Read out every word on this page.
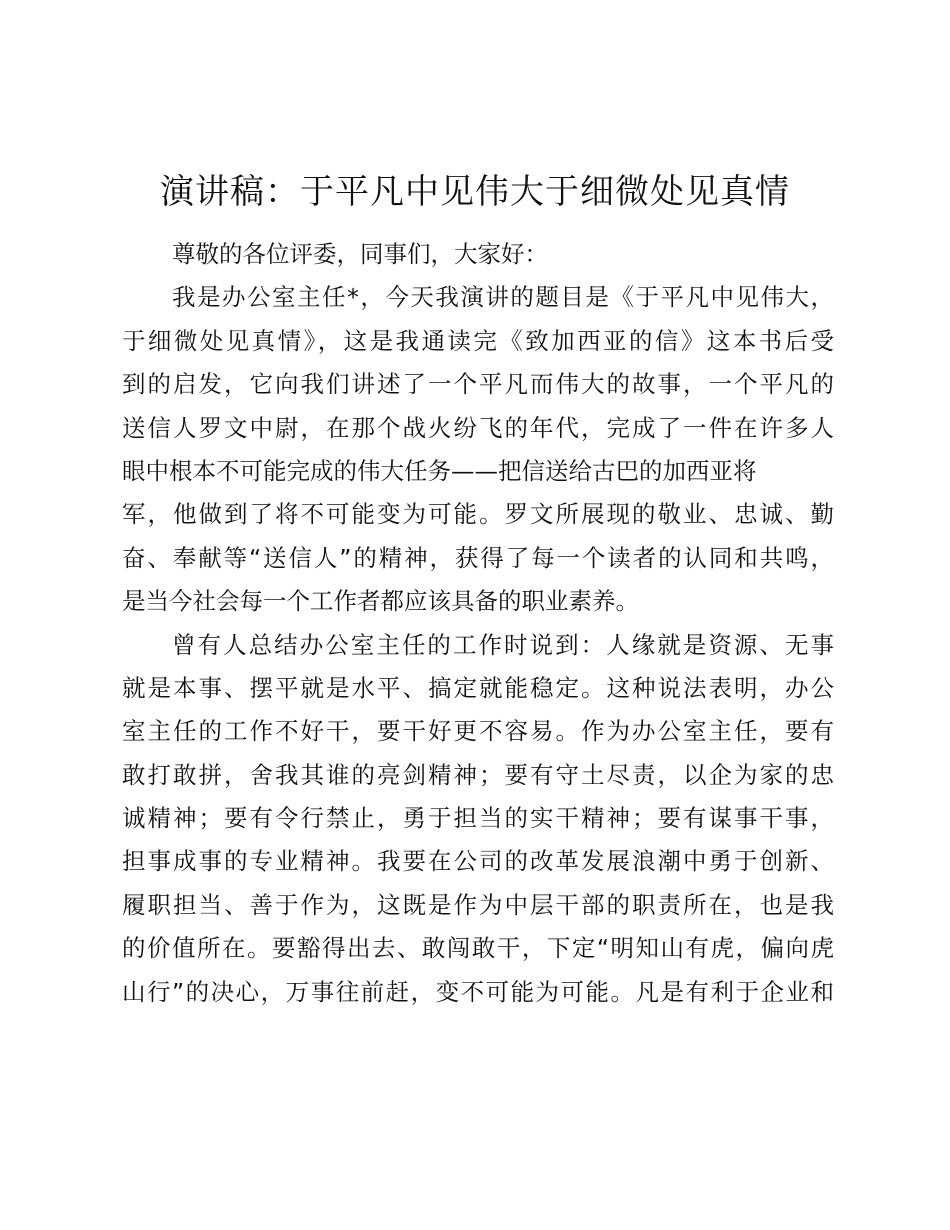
演讲稿：于平凡中见伟大于细微处见真情
尊敬的各位评委，同事们，大家好：
我是办公室主任*，今天我演讲的题目是《于平凡中见伟大，
于细微处见真情》，这是我通读完《致加西亚的信》这本书后受
到的启发，它向我们讲述了一个平凡而伟大的故事，一个平凡的
送信人罗文中尉，在那个战火纷飞的年代，完成了一件在许多人
眼中根本不可能完成的伟大任务——把信送给古巴的加西亚将
军，他做到了将不可能变为可能。罗文所展现的敬业、忠诚、勤
奋、奉献等“送信人”的精神，获得了每一个读者的认同和共鸣，
是当今社会每一个工作者都应该具备的职业素养。
曾有人总结办公室主任的工作时说到：人缘就是资源、无事
就是本事、摆平就是水平、搞定就能稳定。这种说法表明，办公
室主任的工作不好干，要干好更不容易。作为办公室主任，要有
敢打敢拼，舍我其谁的亮剑精神；要有守土尽责，以企为家的忠
诚精神；要有令行禁止，勇于担当的实干精神；要有谋事干事，
担事成事的专业精神。我要在公司的改革发展浪潮中勇于创新、
履职担当、善于作为，这既是作为中层干部的职责所在，也是我
的价值所在。要豁得出去、敢闯敢干，下定“明知山有虎，偏向虎
山行”的决心，万事往前赶，变不可能为可能。凡是有利于企业和
